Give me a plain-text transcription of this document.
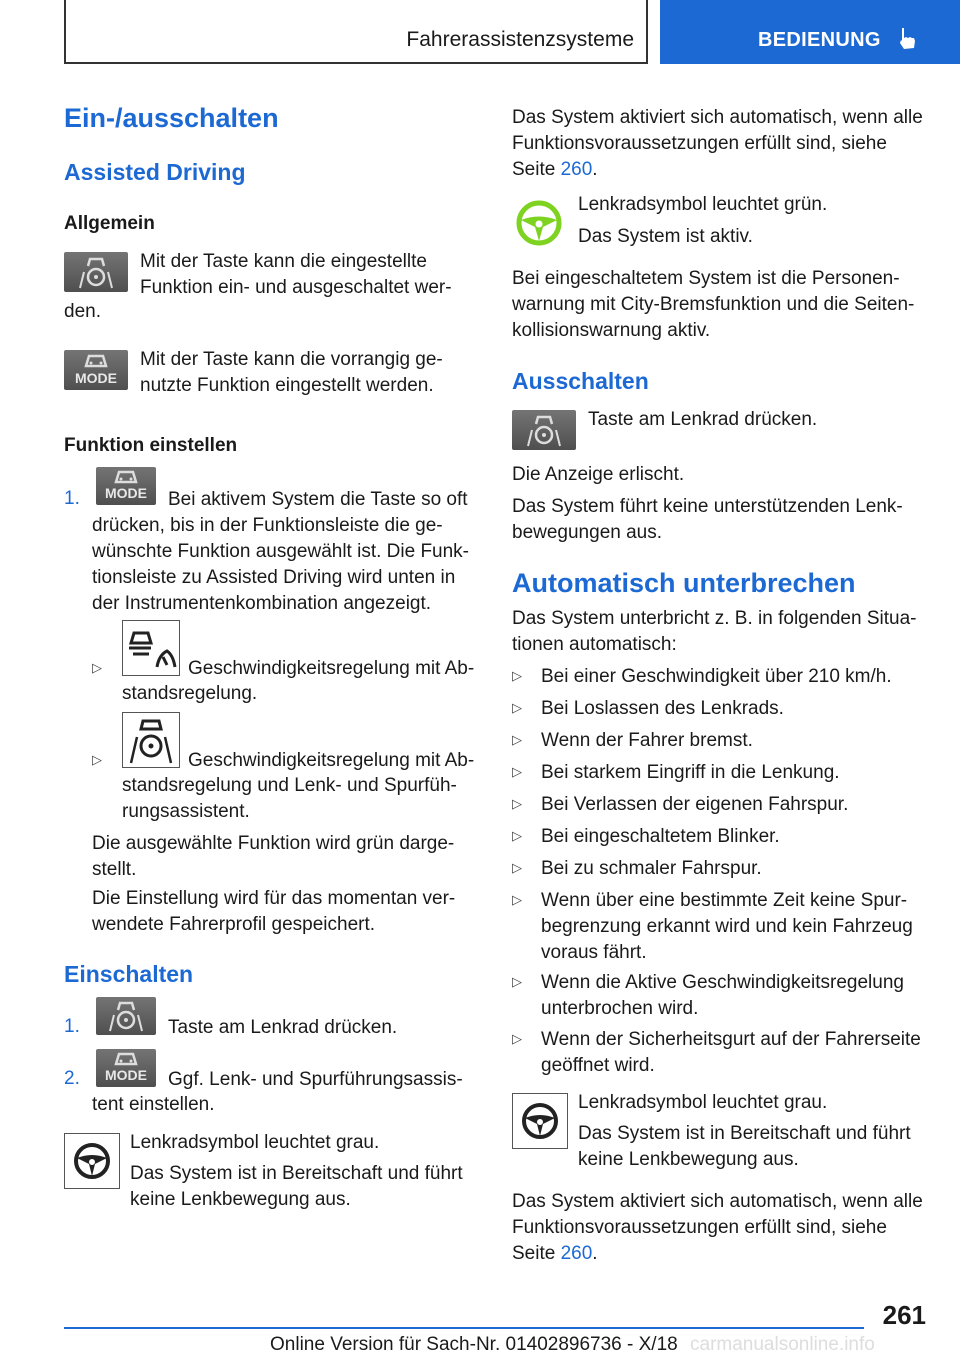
Fahrerassistenzsysteme	BEDIENUNG
Ein-/ausschalten
Assisted Driving
Allgemein

Mit der Taste kann die eingestellte
Funktion ein- und ausgeschaltet wer-

den.

MODE

Mit der Taste kann die vorrangig ge-
nutzte Funktion eingestellt werden.

Funktion einstellen
1.	MODE	Bei aktivem System die Taste so oft

drücken, bis in der Funktionsleiste die ge-
wünschte Funktion ausgewählt ist. Die Funk-
tionsleiste zu Assisted Driving wird unten in
der Instrumentenkombination angezeigt.

▷	Geschwindigkeitsregelung mit Ab-

standsregelung.

▷	Geschwindigkeitsregelung mit Ab-

standsregelung und Lenk- und Spurfüh-
rungsassistent.

Die ausgewählte Funktion wird grün darge-
stellt.

Die Einstellung wird für das momentan ver-
wendete Fahrerprofil gespeichert.

Einschalten
1.	Taste am Lenkrad drücken.

2.	MODE	Ggf. Lenk- und Spurführungsassis-

tent einstellen.

Lenkradsymbol leuchtet grau.

Das System ist in Bereitschaft und führt
keine Lenkbewegung aus.

Das System aktiviert sich automatisch, wenn alle
Funktionsvoraussetzungen erfüllt sind, siehe
Seite 260.

Lenkradsymbol leuchtet grün.

Das System ist aktiv.

Bei eingeschaltetem System ist die Personen-
warnung mit City-Bremsfunktion und die Seiten-
kollisionswarnung aktiv.

Ausschalten

Taste am Lenkrad drücken.

Die Anzeige erlischt.

Das System führt keine unterstützenden Lenk-
bewegungen aus.

Automatisch unterbrechen

Das System unterbricht z. B. in folgenden Situa-
tionen automatisch:

▷ Bei einer Geschwindigkeit über 210 km/h.

▷ Bei Loslassen des Lenkrads.

▷ Wenn der Fahrer bremst.

▷ Bei starkem Eingriff in die Lenkung.

▷ Bei Verlassen der eigenen Fahrspur.

▷ Bei eingeschaltetem Blinker.

▷ Bei zu schmaler Fahrspur.

▷ Wenn über eine bestimmte Zeit keine Spur-
begrenzung erkannt wird und kein Fahrzeug
voraus fährt.

▷ Wenn die Aktive Geschwindigkeitsregelung
unterbrochen wird.

▷ Wenn der Sicherheitsgurt auf der Fahrerseite
geöffnet wird.

Lenkradsymbol leuchtet grau.

Das System ist in Bereitschaft und führt
keine Lenkbewegung aus.

Das System aktiviert sich automatisch, wenn alle
Funktionsvoraussetzungen erfüllt sind, siehe
Seite 260.

261
Online Version für Sach-Nr. 01402896736 - X/18 carmanualsonline.info
